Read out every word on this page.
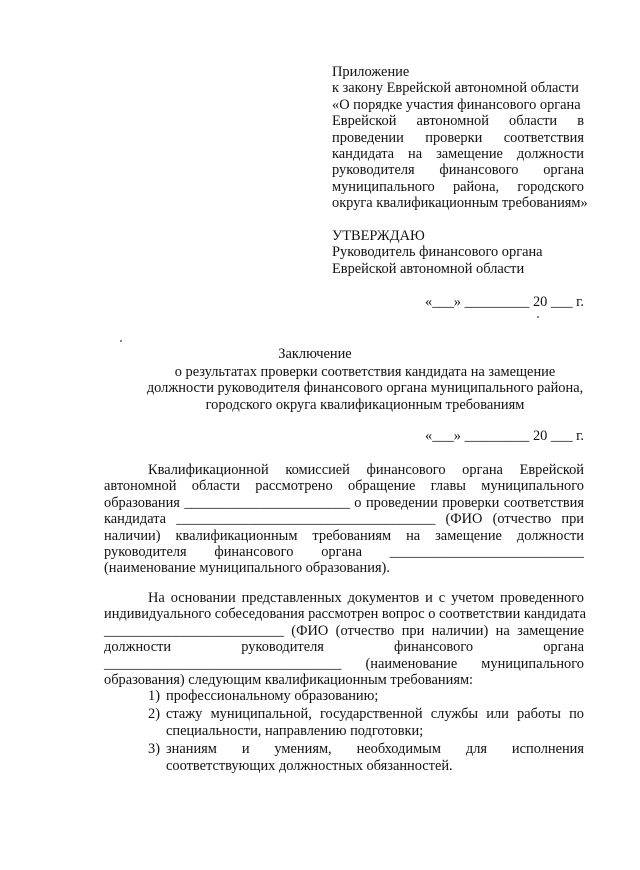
Приложение
к закону Еврейской автономной области
«О порядке участия финансового органа
Еврейской автономной области в
проведении проверки соответствия
кандидата на замещение должности
руководителя финансового органа
муниципального района, городского
округа квалификационным требованиям»
УТВЕРЖДАЮ
Руководитель финансового органа
Еврейской автономной области
«___» _________ 20 ___ г.
Заключение
о результатах проверки соответствия кандидата на замещение
должности руководителя финансового органа муниципального района,
городского округа квалификационным требованиям
«___» _________ 20 ___ г.
Квалификационной комиссией финансового органа Еврейской
автономной области рассмотрено обращение главы муниципального
образования _______________________ о проведении проверки соответствия
кандидата ____________________________________ (ФИО (отчество при
наличии) квалификационным требованиям на замещение должности
руководителя финансового органа ___________________________
(наименование муниципального образования).
На основании представленных документов и с учетом проведенного
индивидуального собеседования рассмотрен вопрос о соответствии кандидата
_________________________ (ФИО (отчество при наличии) на замещение
должности руководителя финансового органа
_________________________________ (наименование муниципального
образования) следующим квалификационным требованиям:
1) профессиональному образованию;
2) стажу муниципальной, государственной службы или работы по
специальности, направлению подготовки;
3) знаниям и умениям, необходимым для исполнения
соответствующих должностных обязанностей.
